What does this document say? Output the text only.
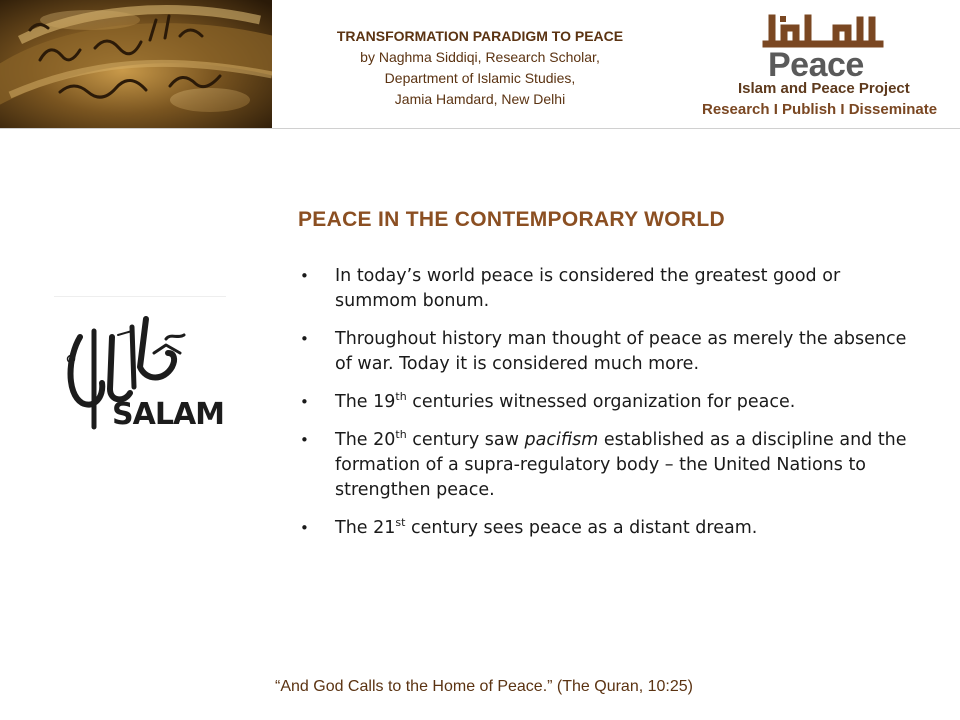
TRANSFORMATION PARADIGM TO PEACE
by Naghma Siddiqi, Research Scholar,
Department of Islamic Studies,
Jamia Hamdard, New Delhi
Peace
Islam and Peace Project
Research I Publish I Disseminate
PEACE IN THE CONTEMPORARY WORLD
• In today’s world peace is considered the greatest good or summom bonum.
• Throughout history man thought of peace as merely the absence of war. Today it is considered much more.
• The 19th centuries witnessed organization for peace.
• The 20th century saw pacifism established as a discipline and the formation of a supra-regulatory body – the United Nations to strengthen peace.
• The 21st century sees peace as a distant dream.
SALAM
“And God Calls to the Home of Peace.” (The Quran, 10:25)
